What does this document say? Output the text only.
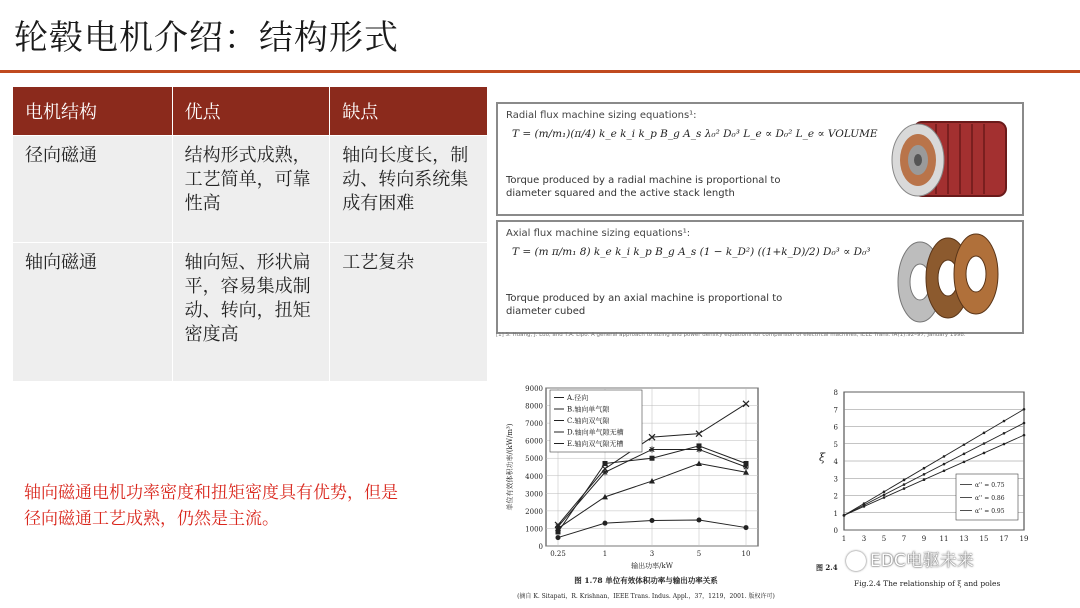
轮毂电机介绍：结构形式
电机结构	优点	缺点
径向磁通	结构形式成熟，工艺简单，可靠性高	轴向长度长，制动、转向系统集成有困难
轴向磁通	轴向短、形状扁平，容易集成制动、转向，扭矩密度高	工艺复杂
轴向磁通电机功率密度和扭矩密度具有优势，但是径向磁通工艺成熟，仍然是主流。
Radial flux machine sizing equations¹:
T = (m/m₁)(π/4) k_e k_i k_p B_g A_s λ₀² D₀³ L_e ∝ D₀² L_e ∝ VOLUME
Torque produced by a radial machine is proportional to diameter squared and the active stack length
Axial flux machine sizing equations¹:
T = (m π/m₁ 8) k_e k_i k_p B_g A_s (1 − k_D²) ((1+k_D)/2) D₀³ ∝ D₀³
Torque produced by an axial machine is proportional to diameter cubed
[1] S. Huang, J. Luo, and T.A. Lipo. A general approach to sizing and power density equations for comparison of electrical machines, IEEE Trans. IA(1):92–97, January 1998.
0
1000
2000
3000
4000
5000
6000
7000
8000
9000
0.25	1	3	5	10
单位有效体积功率/(kW/m³)
输出功率/kW
A.径向
B.轴向单气隙
C.轴向双气隙
D.轴向单气隙无槽
E.轴向双气隙无槽
图 1.78 单位有效体积功率与输出功率关系
(摘自 K. Sitapati，R. Krishnan，IEEE Trans. Indus. Appl.，37，1219，2001. 版权许可)
0
1
2
3
4
5
6
7
8
1 3 5 7 9 11 13 15 17 19
ξ
α'' = 0.75
α'' = 0.86
α'' = 0.95
图 2.4
Fig.2.4 The relationship of ξ and poles
EDC电驱未来
